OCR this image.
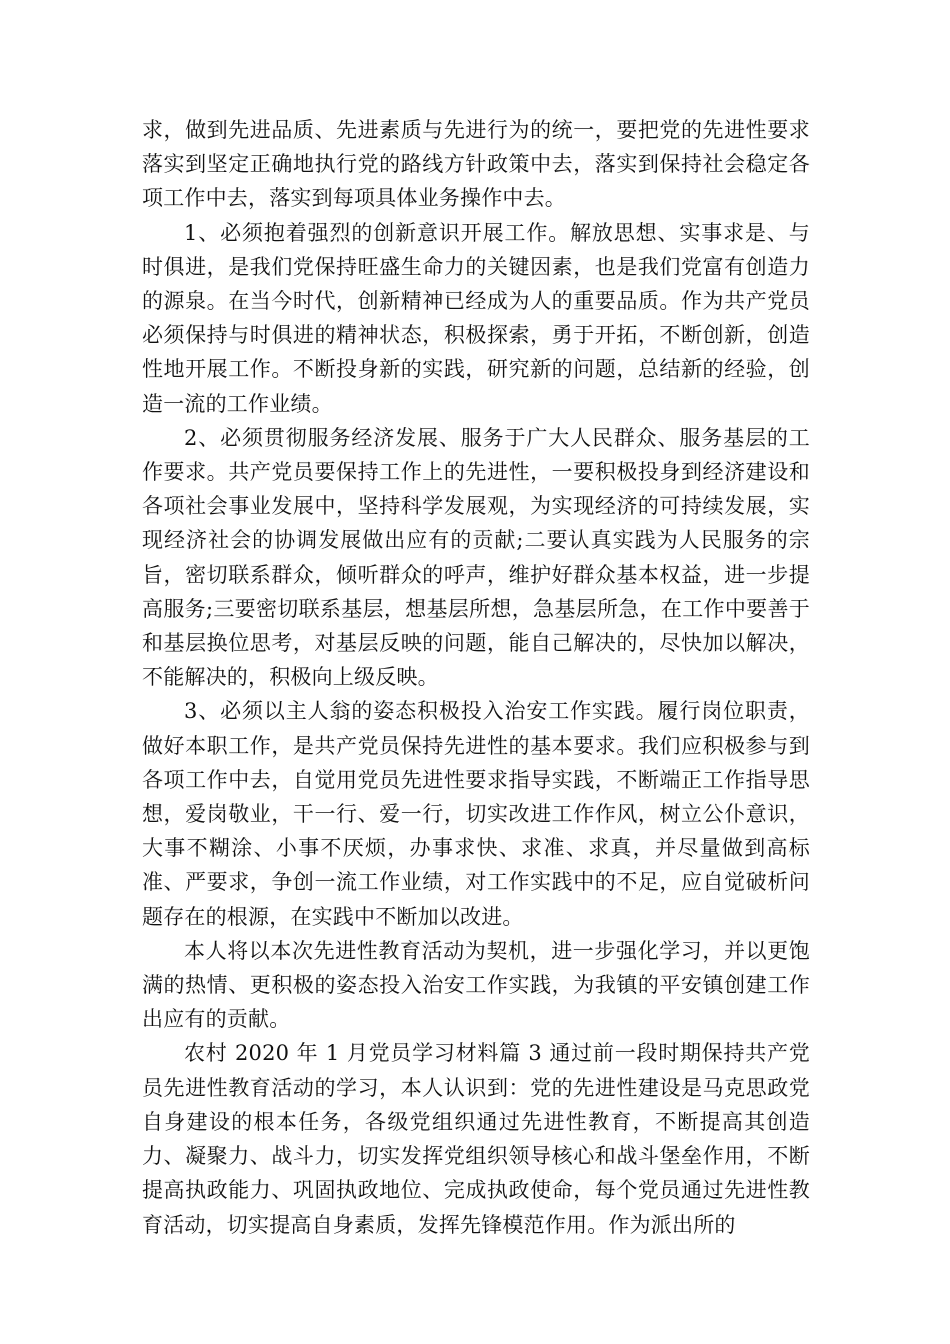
求，做到先进品质、先进素质与先进行为的统一，要把党的先进性要求落实到坚定正确地执行党的路线方针政策中去，落实到保持社会稳定各项工作中去，落实到每项具体业务操作中去。

1、必须抱着强烈的创新意识开展工作。解放思想、实事求是、与时俱进，是我们党保持旺盛生命力的关键因素，也是我们党富有创造力的源泉。在当今时代，创新精神已经成为人的重要品质。作为共产党员必须保持与时俱进的精神状态，积极探索，勇于开拓，不断创新，创造性地开展工作。不断投身新的实践，研究新的问题，总结新的经验，创造一流的工作业绩。

2、必须贯彻服务经济发展、服务于广大人民群众、服务基层的工作要求。共产党员要保持工作上的先进性，一要积极投身到经济建设和各项社会事业发展中，坚持科学发展观，为实现经济的可持续发展，实现经济社会的协调发展做出应有的贡献;二要认真实践为人民服务的宗旨，密切联系群众，倾听群众的呼声，维护好群众基本权益，进一步提高服务;三要密切联系基层，想基层所想，急基层所急，在工作中要善于和基层换位思考，对基层反映的问题，能自己解决的，尽快加以解决，不能解决的，积极向上级反映。

3、必须以主人翁的姿态积极投入治安工作实践。履行岗位职责，做好本职工作，是共产党员保持先进性的基本要求。我们应积极参与到各项工作中去，自觉用党员先进性要求指导实践，不断端正工作指导思想，爱岗敬业，干一行、爱一行，切实改进工作作风，树立公仆意识，大事不糊涂、小事不厌烦，办事求快、求准、求真，并尽量做到高标准、严要求，争创一流工作业绩，对工作实践中的不足，应自觉破析问题存在的根源，在实践中不断加以改进。

本人将以本次先进性教育活动为契机，进一步强化学习，并以更饱满的热情、更积极的姿态投入治安工作实践，为我镇的平安镇创建工作出应有的贡献。

农村 2020 年 1 月党员学习材料篇 3 通过前一段时期保持共产党员先进性教育活动的学习，本人认识到：党的先进性建设是马克思政党自身建设的根本任务，各级党组织通过先进性教育，不断提高其创造力、凝聚力、战斗力，切实发挥党组织领导核心和战斗堡垒作用，不断提高执政能力、巩固执政地位、完成执政使命，每个党员通过先进性教育活动，切实提高自身素质，发挥先锋模范作用。作为派出所的
